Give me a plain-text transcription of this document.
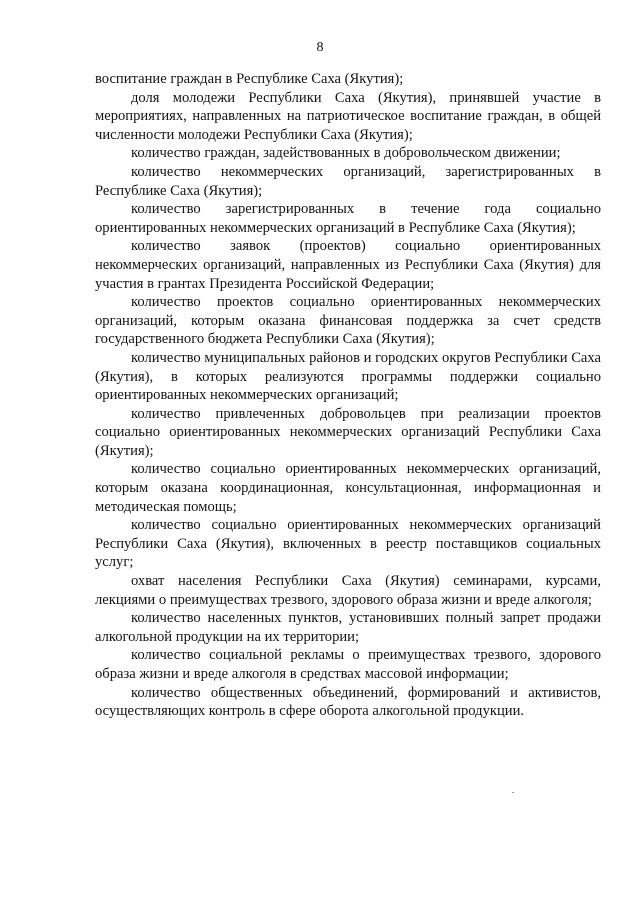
8

воспитание граждан в Республике Саха (Якутия);

доля молодежи Республики Саха (Якутия), принявшей участие в мероприятиях, направленных на патриотическое воспитание граждан, в общей численности молодежи Республики Саха (Якутия);

количество граждан, задействованных в добровольческом движении;

количество некоммерческих организаций, зарегистрированных в Республике Саха (Якутия);

количество зарегистрированных в течение года социально ориентированных некоммерческих организаций в Республике Саха (Якутия);

количество заявок (проектов) социально ориентированных некоммерческих организаций, направленных из Республики Саха (Якутия) для участия в грантах Президента Российской Федерации;

количество проектов социально ориентированных некоммерческих организаций, которым оказана финансовая поддержка за счет средств государственного бюджета Республики Саха (Якутия);

количество муниципальных районов и городских округов Республики Саха (Якутия), в которых реализуются программы поддержки социально ориентированных некоммерческих организаций;

количество привлеченных добровольцев при реализации проектов социально ориентированных некоммерческих организаций Республики Саха (Якутия);

количество социально ориентированных некоммерческих организаций, которым оказана координационная, консультационная, информационная и методическая помощь;

количество социально ориентированных некоммерческих организаций Республики Саха (Якутия), включенных в реестр поставщиков социальных услуг;

охват населения Республики Саха (Якутия) семинарами, курсами, лекциями о преимуществах трезвого, здорового образа жизни и вреде алкоголя;

количество населенных пунктов, установивших полный запрет продажи алкогольной продукции на их территории;

количество социальной рекламы о преимуществах трезвого, здорового образа жизни и вреде алкоголя в средствах массовой информации;

количество общественных объединений, формирований и активистов, осуществляющих контроль в сфере оборота алкогольной продукции.
